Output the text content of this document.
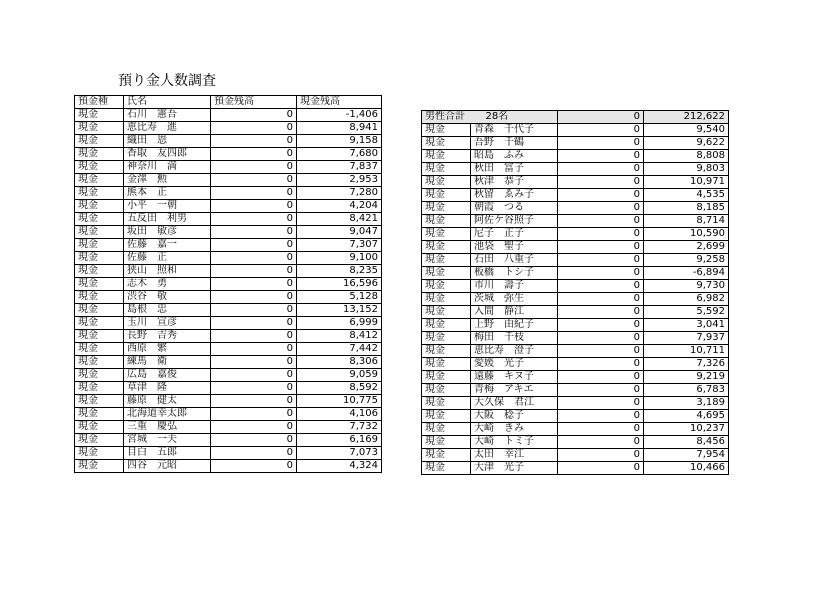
預り金人数調査
預金種	氏名	預金残高	現金残高
現金	石川　憲吾	0	-1,406
現金	恵比寿　進	0	8,941
現金	織田　恩	0	9,158
現金	香取　友四郎	0	7,680
現金	神奈川　満	0	7,837
現金	金澤　勲	0	2,953
現金	熊本　正	0	7,280
現金	小平　一朝	0	4,204
現金	五反田　利男	0	8,421
現金	坂田　敏彦	0	9,047
現金	佐藤　嘉一	0	7,307
現金	佐藤　正	0	9,100
現金	狭山　照和	0	8,235
現金	志木　勇	0	16,596
現金	渋谷　敬	0	5,128
現金	島根　忠	0	13,152
現金	玉川　宣彦	0	6,999
現金	長野　吉秀	0	8,412
現金	西原　繁	0	7,442
現金	練馬　衛	0	8,306
現金	広島　嘉俊	0	9,059
現金	草津　隆	0	8,592
現金	藤原　健太	0	10,775
現金	北海道幸太郎	0	4,106
現金	三重　慶弘	0	7,732
現金	宮城　一夫	0	6,169
現金	目白　五郎	0	7,073
現金	四谷　元昭	0	4,324
男性合計 28名		0	212,622
現金	青森　千代子	0	9,540
現金	吾野　千鶴	0	9,622
現金	昭島　ふみ	0	8,808
現金	秋田　冨子	0	9,803
現金	秋津　恭子	0	10,971
現金	秋留　ゑみ子	0	4,535
現金	朝霞　つる	0	8,185
現金	阿佐ケ谷照子	0	8,714
現金	尼子　正子	0	10,590
現金	池袋　聖子	0	2,699
現金	石田　八重子	0	9,258
現金	板橋　トシ子	0	-6,894
現金	市川　壽子	0	9,730
現金	茨城　弥生	0	6,982
現金	入間　静江	0	5,592
現金	上野　由紀子	0	3,041
現金	梅田　千枝	0	7,937
現金	恵比寿　澄子	0	10,711
現金	愛媛　光子	0	7,326
現金	遠藤　キヌ子	0	9,219
現金	青梅　アキエ	0	6,783
現金	大久保　君江	0	3,189
現金	大阪　稔子	0	4,695
現金	大崎　きみ	0	10,237
現金	大崎　トミ子	0	8,456
現金	太田　幸江	0	7,954
現金	大津　光子	0	10,466
